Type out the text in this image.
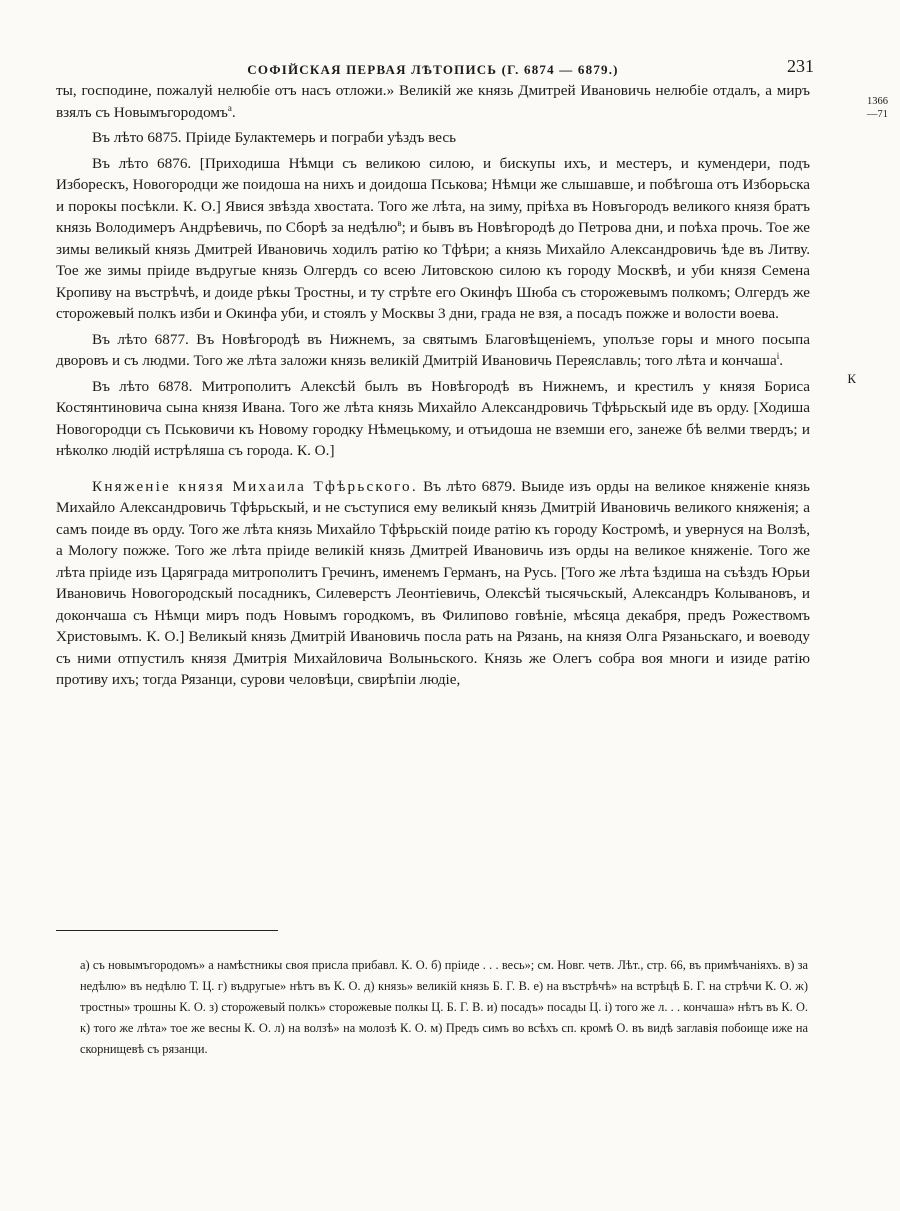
СОФІЙСКАЯ ПЕРВАЯ ЛѢТОПИСЬ (Г. 6874 — 6879.)	231

ты, господине, пожалуй нелюбіе отъ насъ отложи.» Великій же князь Дмитрей Ивановичь нелюбіе отдалъ, а миръ взялъ съ Новымъгородомъ$^а$.

Въ лѣто 6875. Пріиде Булактемерь и пограби уѣздъ весь

Въ лѣто 6876. [Приходиша Нѣмци съ великою силою, и бискупы ихъ, и местеръ, и кумендери, подъ Изборескъ, Новогородци же поидоша на нихъ и доидоша Пськова; Нѣмци же слышавше, и побѣгоша отъ Изборьска и порокы посѣкли. К. О.] Явися звѣзда хвостата. Того же лѣта, на зиму, пріѣха въ Новъгородъ великого князя братъ князь Володимеръ Андрѣевичь, по Сборѣ за недѣлю$^в$; и бывъ въ Новѣгородѣ до Петрова дни, и поѣха прочь. Тое же зимы великый князь Дмитрей Ивановичь ходилъ ратію ко Тфѣри; а князь Михайло Александровичь ѣде въ Литву. Тое же зимы пріиде въдругые князь Олгердъ со всею Литовскою силою къ городу Москвѣ, и уби князя Семена Кропиву на въстрѣчѣ, и доиде рѣкы Тростны, и ту стрѣте его Окинфъ Шюба съ сторожевымъ полкомъ; Олгердъ же сторожевый полкъ изби и Окинфа уби, и стоялъ у Москвы 3 дни, града не взя, а посадъ пожже и волости воева.

Въ лѣто 6877. Въ Новѣгородѣ въ Нижнемъ, за святымъ Благовѣщеніемъ, уполъзе горы и много посыпа дворовъ и съ людми. Того же лѣта заложи князь великій Дмитрій Ивановичь Переяславль; того лѣта и кончаша$^і$.

Въ лѣто 6878. Митрополитъ Алексѣй былъ въ Новѣгородѣ въ Нижнемъ, и крестилъ у князя Бориса Костянтиновича сына князя Ивана. Того же лѣта князь Михайло Александровичь Тфѣрьскый иде въ орду. [Ходиша Новогородци съ Пськовичи къ Новому городку Нѣмецькому, и отъидоша не вземши его, занеже бѣ велми твердъ; и нѣколко людій истрѣляша съ города. К. О.]

Княженіе князя Михаила Тфѣрьского. Въ лѣто 6879. Выиде изъ орды на великое княженіе князь Михайло Александровичь Тфѣрьскый, и не съступися ему великый князь Дмитрій Ивановичь великого княженія; а самъ поиде въ орду. Того же лѣта князь Михайло Тфѣрьскій поиде ратію къ городу Костромѣ, и увернуся на Волзѣ, а Мологу пожже. Того же лѣта пріиде великій князь Дмитрей Ивановичь изъ орды на великое княженіе. Того же лѣта пріиде изъ Царяграда митрополитъ Гречинъ, именемъ Германъ, на Русь. [Того же лѣта ѣздиша на съѣздъ Юрьи Ивановичь Новогородскый посадникъ, Силеверстъ Леонтіевичь, Олексѣй тысячьскый, Александръ Колывановъ, и докончаша съ Нѣмци миръ подъ Новымъ городкомъ, въ Филипово говѣніе, мѣсяца декабря, предъ Рожествомъ Христовымъ. К. О.] Великый князь Дмитрій Ивановичь посла рать на Рязань, на князя Олга Рязаньскаго, и воеводу съ ними отпустилъ князя Дмитрія Михайловича Волыньского. Князь же Олегъ собра воя многи и изиде ратію противу ихъ; тогда Рязанци, сурови человѣци, свирѣпіи людіе,

1366
—71
К

а) съ новымъгородомъ» а намѣстникы своя присла прибавл. К. О. б) пріиде . . . весь»; см. Новг. четв. Лѣт., стр. 66, въ примѣчаніяхъ. в) за недѣлю» въ недѣлю Т. Ц. г) въдругые» нѣтъ въ К. О. д) князь» великій князь Б. Г. В. е) на въстрѣчѣ» на встрѣцѣ Б. Г. на стрѣчи К. О. ж) тростны» трошны К. О. з) сторожевый полкъ» сторожевые полкы Ц. Б. Г. В. и) посадъ» посады Ц. і) того же л. . . кончаша» нѣтъ въ К. О. к) того же лѣта» тое же весны К. О. л) на волзѣ» на молозѣ К. О. м) Предъ симъ во всѣхъ сп. кромѣ О. въ видѣ заглавія побоище иже на скорнищевѣ съ рязанци.
